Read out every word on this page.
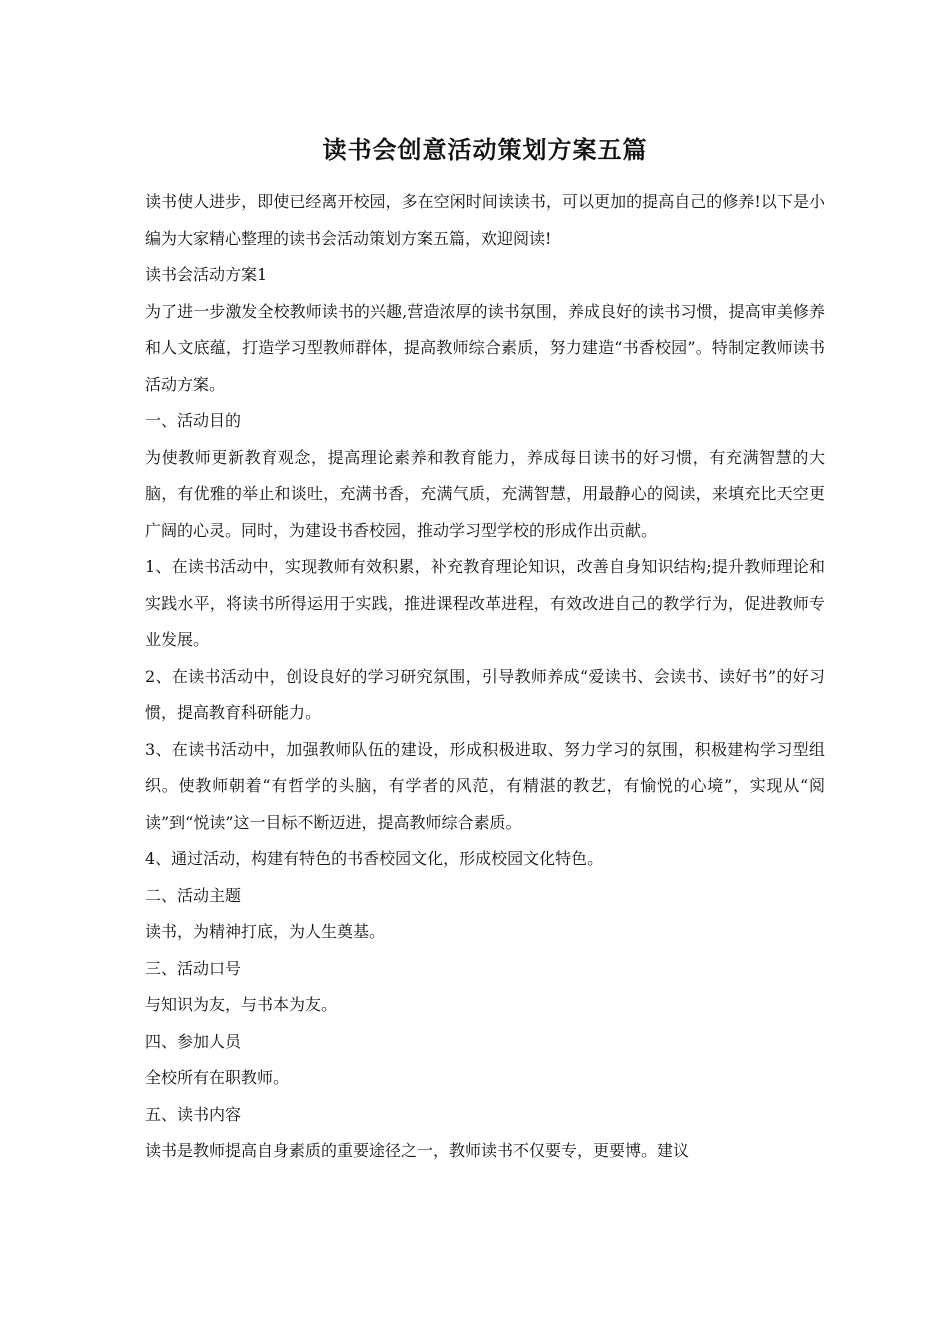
读书会创意活动策划方案五篇

读书使人进步，即使已经离开校园，多在空闲时间读读书，可以更加的提高自己的修养!以下是小编为大家精心整理的读书会活动策划方案五篇，欢迎阅读!

读书会活动方案1

为了进一步激发全校教师读书的兴趣,营造浓厚的读书氛围，养成良好的读书习惯，提高审美修养和人文底蕴，打造学习型教师群体，提高教师综合素质，努力建造“书香校园”。特制定教师读书活动方案。

一、活动目的

为使教师更新教育观念，提高理论素养和教育能力，养成每日读书的好习惯，有充满智慧的大脑，有优雅的举止和谈吐，充满书香，充满气质，充满智慧，用最静心的阅读，来填充比天空更广阔的心灵。同时，为建设书香校园，推动学习型学校的形成作出贡献。

1、在读书活动中，实现教师有效积累，补充教育理论知识，改善自身知识结构;提升教师理论和实践水平，将读书所得运用于实践，推进课程改革进程，有效改进自己的教学行为，促进教师专业发展。

2、在读书活动中，创设良好的学习研究氛围，引导教师养成“爱读书、会读书、读好书”的好习惯，提高教育科研能力。

3、在读书活动中，加强教师队伍的建设，形成积极进取、努力学习的氛围，积极建构学习型组织。使教师朝着“有哲学的头脑，有学者的风范，有精湛的教艺，有愉悦的心境”，实现从“阅读”到“悦读”这一目标不断迈进，提高教师综合素质。

4、通过活动，构建有特色的书香校园文化，形成校园文化特色。

二、活动主题

读书，为精神打底，为人生奠基。

三、活动口号

与知识为友，与书本为友。

四、参加人员

全校所有在职教师。

五、读书内容

读书是教师提高自身素质的重要途径之一，教师读书不仅要专，更要博。建议
